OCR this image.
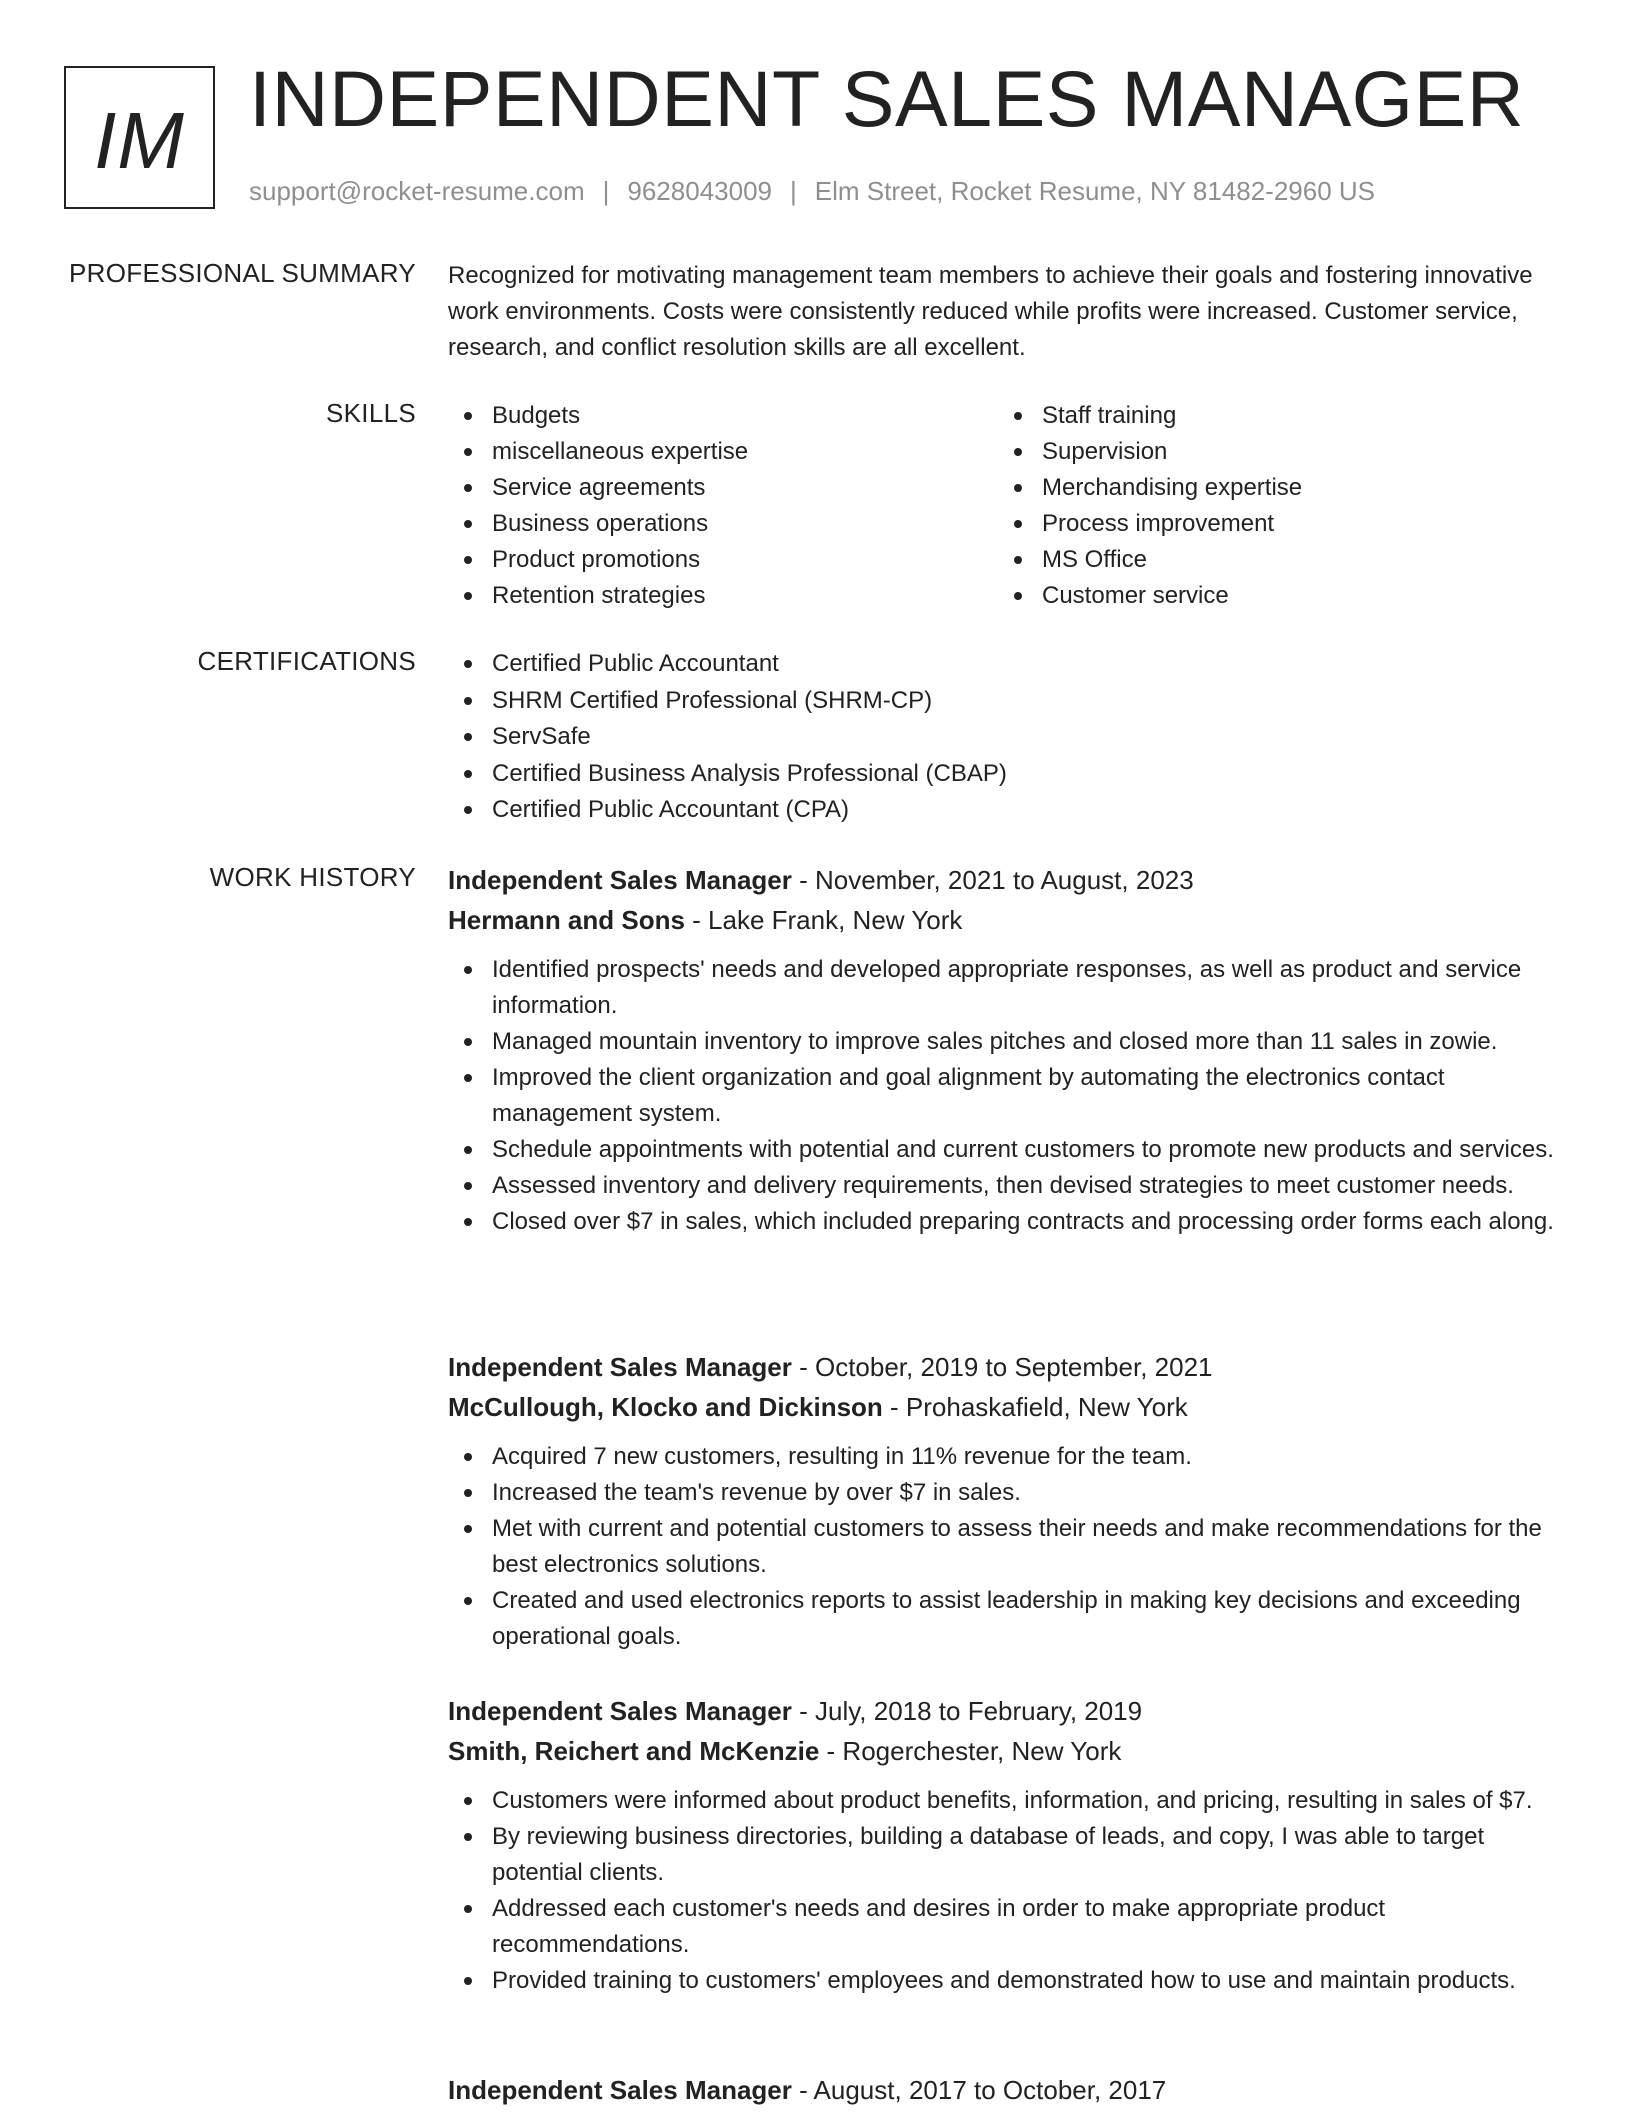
IM INDEPENDENT SALES MANAGER
support@rocket-resume.com | 9628043009 | Elm Street, Rocket Resume, NY 81482-2960 US
PROFESSIONAL SUMMARY Recognized for motivating management team members to achieve their goals and fostering innovative work environments. Costs were consistently reduced while profits were increased. Customer service, research, and conflict resolution skills are all excellent.
SKILLS	Budgets
miscellaneous expertise
Service agreements
Business operations
Product promotions
Retention strategies
Staff training
Supervision
Merchandising expertise
Process improvement
MS Office
Customer service
CERTIFICATIONS	Certified Public Accountant
SHRM Certified Professional (SHRM-CP)
ServSafe
Certified Business Analysis Professional (CBAP)
Certified Public Accountant (CPA)
WORK HISTORY Independent Sales Manager - November, 2021 to August, 2023
Hermann and Sons - Lake Frank, New York
Identified prospects' needs and developed appropriate responses, as well as product and service information.
Managed mountain inventory to improve sales pitches and closed more than 11 sales in zowie.
Improved the client organization and goal alignment by automating the electronics contact management system.
Schedule appointments with potential and current customers to promote new products and services.
Assessed inventory and delivery requirements, then devised strategies to meet customer needs.
Closed over $7 in sales, which included preparing contracts and processing order forms each along.
Independent Sales Manager - October, 2019 to September, 2021
McCullough, Klocko and Dickinson - Prohaskafield, New York
Acquired 7 new customers, resulting in 11% revenue for the team.
Increased the team's revenue by over $7 in sales.
Met with current and potential customers to assess their needs and make recommendations for the best electronics solutions.
Created and used electronics reports to assist leadership in making key decisions and exceeding operational goals.
Independent Sales Manager - July, 2018 to February, 2019
Smith, Reichert and McKenzie - Rogerchester, New York
Customers were informed about product benefits, information, and pricing, resulting in sales of $7.
By reviewing business directories, building a database of leads, and copy, I was able to target potential clients.
Addressed each customer's needs and desires in order to make appropriate product recommendations.
Provided training to customers' employees and demonstrated how to use and maintain products.
Independent Sales Manager - August, 2017 to October, 2017
